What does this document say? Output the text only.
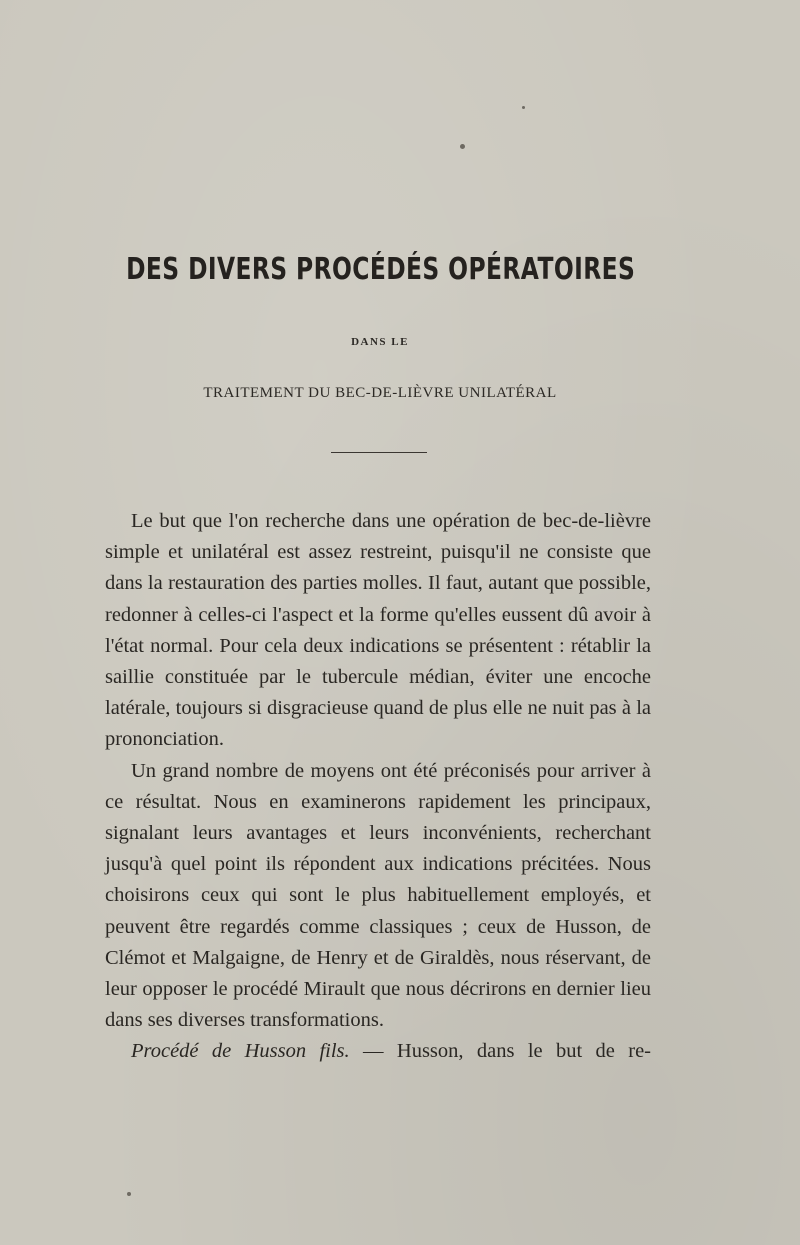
DES DIVERS PROCÉDÉS OPÉRATOIRES
DANS LE
TRAITEMENT DU BEC-DE-LIÈVRE UNILATÉRAL

Le but que l'on recherche dans une opération de bec-de-lièvre simple et unilatéral est assez restreint, puisqu'il ne consiste que dans la restauration des parties molles. Il faut, autant que possible, redonner à celles-ci l'aspect et la forme qu'elles eussent dû avoir à l'état normal. Pour cela deux indications se présentent : rétablir la saillie constituée par le tubercule médian, éviter une encoche latérale, toujours si disgracieuse quand de plus elle ne nuit pas à la prononciation.

Un grand nombre de moyens ont été préconisés pour arriver à ce résultat. Nous en examinerons rapidement les principaux, signalant leurs avantages et leurs inconvénients, recherchant jusqu'à quel point ils répondent aux indications précitées. Nous choisirons ceux qui sont le plus habituellement employés, et peuvent être regardés comme classiques ; ceux de Husson, de Clémot et Malgaigne, de Henry et de Giraldès, nous réservant, de leur opposer le procédé Mirault que nous décrirons en dernier lieu dans ses diverses transformations.

Procédé de Husson fils. — Husson, dans le but de re-
